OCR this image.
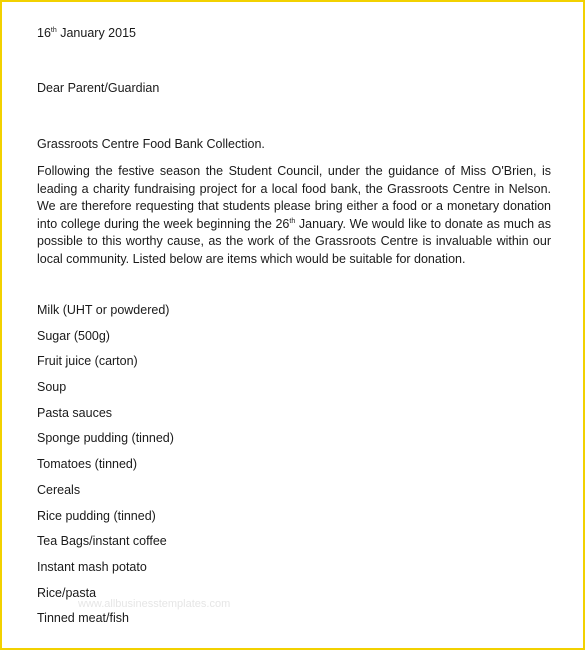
16th January 2015
Dear Parent/Guardian
Grassroots Centre Food Bank Collection.

Following the festive season the Student Council, under the guidance of Miss O'Brien, is leading a charity fundraising project for a local food bank, the Grassroots Centre in Nelson. We are therefore requesting that students please bring either a food or a monetary donation into college during the week beginning the 26th January. We would like to donate as much as possible to this worthy cause, as the work of the Grassroots Centre is invaluable within our local community. Listed below are items which would be suitable for donation.

Milk (UHT or powdered)
Sugar (500g)
Fruit juice (carton)
Soup
Pasta sauces
Sponge pudding (tinned)
Tomatoes (tinned)
Cereals
Rice pudding (tinned)
Tea Bags/instant coffee
Instant mash potato
Rice/pasta
Tinned meat/fish
www.allbusinesstemplates.com
